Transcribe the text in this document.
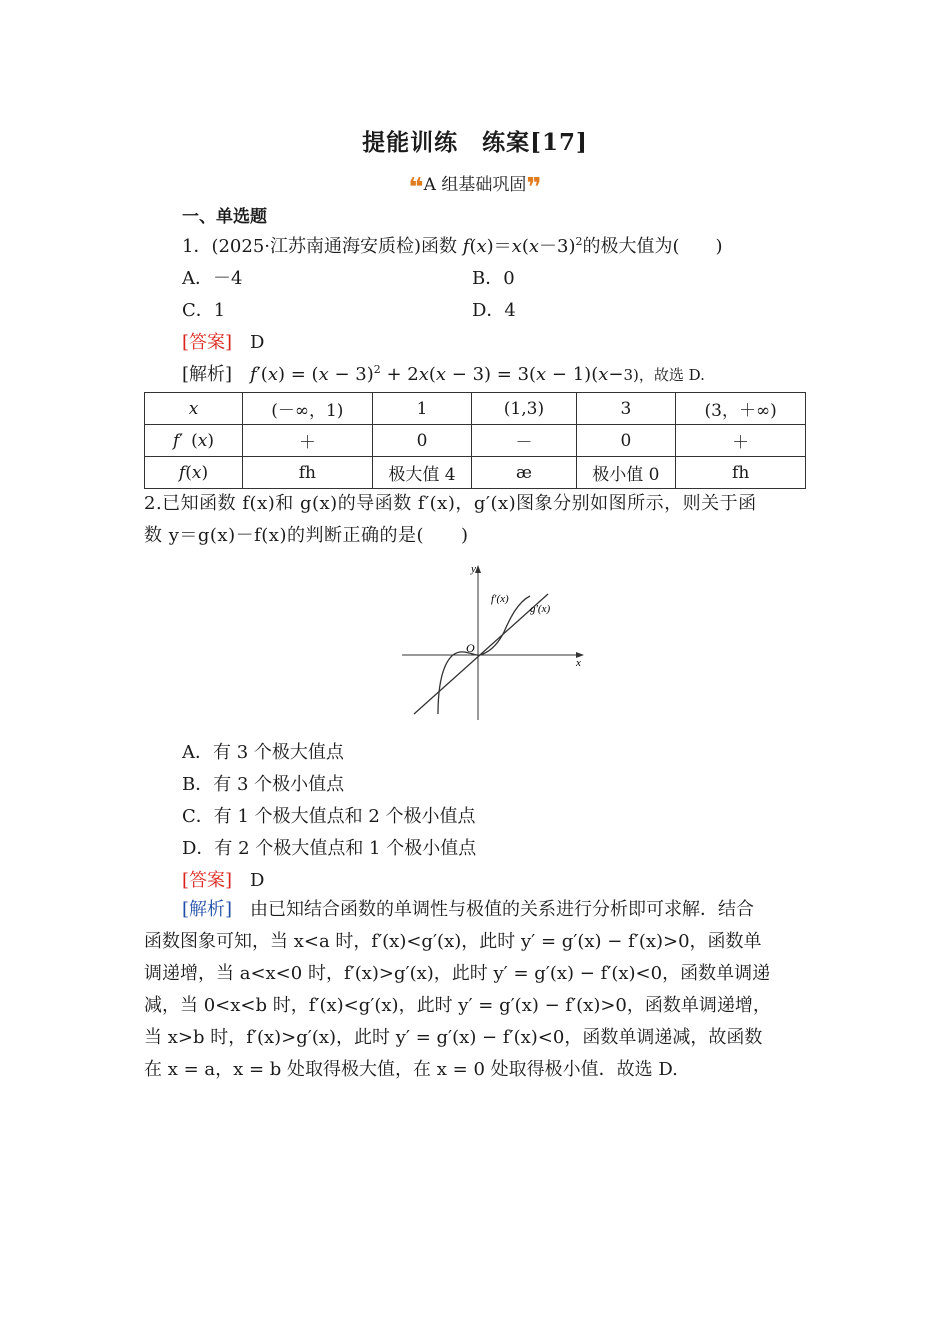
提能训练　练案[17]
❝A 组基础巩固❞
一、单选题
1．(2025·江苏南通海安质检)函数 $f(x)=x(x-3)^2$的极大值为(　　)
A．－4	B．0
C．1	D．4
[答案]　 D
[解析]　 $f'(x) = (x - 3)^2 + 2x(x - 3) = 3(x - 1)(x-3)$，故选 D.
x	(－∞，1)	1	(1,3)	3	(3，＋∞)
f′ (x)	＋	0	－	0	＋
f(x)	fh	极大值 4	æ	极小值 0	fh
2.已知函数 f(x)和 g(x)的导函数 f′(x)，g′(x)图象分别如图所示，则关于函
数 y＝g(x)－f(x)的判断正确的是(　　)
y
x
O
f′(x)
g′(x)
A．有 3 个极大值点
B．有 3 个极小值点
C．有 1 个极大值点和 2 个极小值点
D．有 2 个极大值点和 1 个极小值点
[答案]　 D
[解析]　 由已知结合函数的单调性与极值的关系进行分析即可求解．结合
函数图象可知，当 x<a 时，f′(x)<g′(x)，此时 y′ = g′(x) − f′(x)>0，函数单
调递增，当 a<x<0 时，f′(x)>g′(x)，此时 y′ = g′(x) − f′(x)<0，函数单调递
减，当 0<x<b 时，f′(x)<g′(x)，此时 y′ = g′(x) − f′(x)>0，函数单调递增，
当 x>b 时，f′(x)>g′(x)，此时 y′ = g′(x) − f′(x)<0，函数单调递减，故函数
在 x = a，x = b 处取得极大值，在 x = 0 处取得极小值．故选 D.
